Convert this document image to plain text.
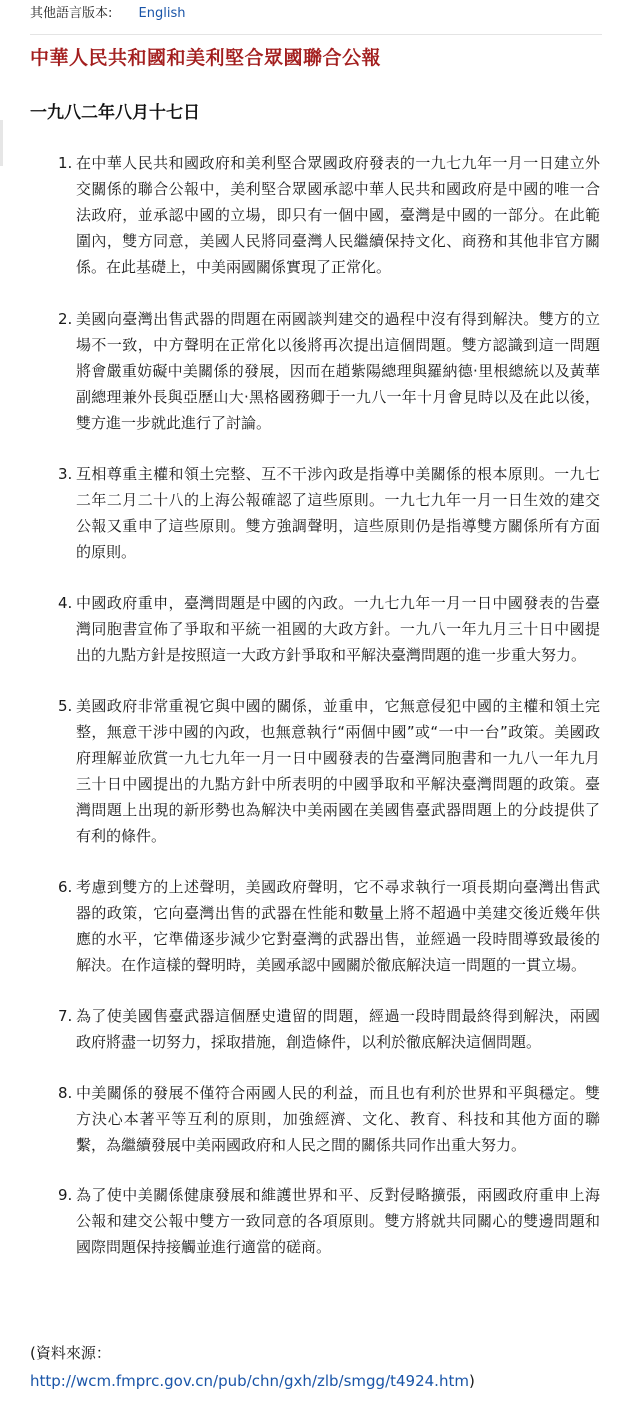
其他語言版本: English
中華人民共和國和美利堅合眾國聯合公報

一九八二年八月十七日

1. 在中華人民共和國政府和美利堅合眾國政府發表的一九七九年一月一日建立外交關係的聯合公報中，美利堅合眾國承認中華人民共和國政府是中國的唯一合法政府，並承認中國的立場，即只有一個中國，臺灣是中國的一部分。在此範圍內，雙方同意，美國人民將同臺灣人民繼續保持文化、商務和其他非官方關係。在此基礎上，中美兩國關係實現了正常化。
2. 美國向臺灣出售武器的問題在兩國談判建交的過程中沒有得到解決。雙方的立場不一致，中方聲明在正常化以後將再次提出這個問題。雙方認識到這一問題將會嚴重妨礙中美關係的發展，因而在趙紫陽總理與羅納德·里根總統以及黃華副總理兼外長與亞歷山大·黑格國務卿于一九八一年十月會見時以及在此以後，雙方進一步就此進行了討論。
3. 互相尊重主權和領土完整、互不干涉內政是指導中美關係的根本原則。一九七二年二月二十八的上海公報確認了這些原則。一九七九年一月一日生效的建交公報又重申了這些原則。雙方強調聲明，這些原則仍是指導雙方關係所有方面的原則。
4. 中國政府重申，臺灣問題是中國的內政。一九七九年一月一日中國發表的告臺灣同胞書宣佈了爭取和平統一祖國的大政方針。一九八一年九月三十日中國提出的九點方針是按照這一大政方針爭取和平解決臺灣問題的進一步重大努力。
5. 美國政府非常重視它與中國的關係，並重申，它無意侵犯中國的主權和領土完整，無意干涉中國的內政，也無意執行“兩個中國”或“一中一台”政策。美國政府理解並欣賞一九七九年一月一日中國發表的告臺灣同胞書和一九八一年九月三十日中國提出的九點方針中所表明的中國爭取和平解決臺灣問題的政策。臺灣問題上出現的新形勢也為解決中美兩國在美國售臺武器問題上的分歧提供了有利的條件。
6. 考慮到雙方的上述聲明，美國政府聲明，它不尋求執行一項長期向臺灣出售武器的政策，它向臺灣出售的武器在性能和數量上將不超過中美建交後近幾年供應的水平，它準備逐步減少它對臺灣的武器出售，並經過一段時間導致最後的解決。在作這樣的聲明時，美國承認中國關於徹底解決這一問題的一貫立場。
7. 為了使美國售臺武器這個歷史遺留的問題，經過一段時間最終得到解決，兩國政府將盡一切努力，採取措施，創造條件，以利於徹底解決這個問題。
8. 中美關係的發展不僅符合兩國人民的利益，而且也有利於世界和平與穩定。雙方決心本著平等互利的原則，加強經濟、文化、教育、科技和其他方面的聯繫，為繼續發展中美兩國政府和人民之間的關係共同作出重大努力。
9. 為了使中美關係健康發展和維護世界和平、反對侵略擴張，兩國政府重申上海公報和建交公報中雙方一致同意的各項原則。雙方將就共同關心的雙邊問題和國際問題保持接觸並進行適當的磋商。
(資料來源：
http://wcm.fmprc.gov.cn/pub/chn/gxh/zlb/smgg/t4924.htm)
